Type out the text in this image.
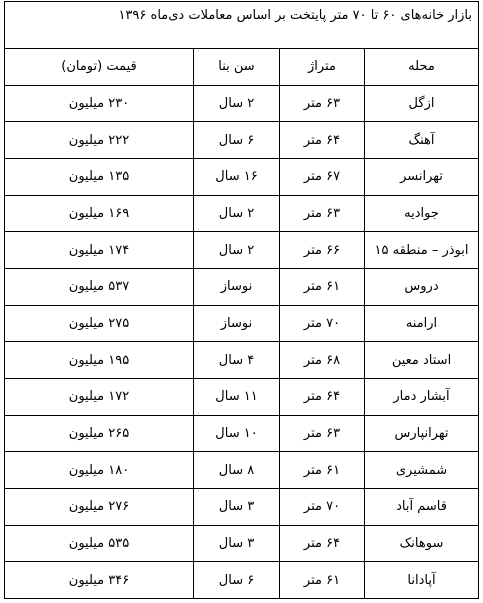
بازار خانه‌های ۶۰ تا ۷۰ متر پایتخت بر اساس معاملات دی‌ماه ۱۳۹۶			
محله	متراژ	سن بنا	قیمت (تومان)
ازگل	۶۳ متر	۲ سال	۲۳۰ میلیون
آهنگ	۶۴ متر	۶ سال	۲۲۲ میلیون
تهرانسر	۶۷ متر	۱۶ سال	۱۳۵ میلیون
جوادیه	۶۳ متر	۲ سال	۱۶۹ میلیون
ابوذر – منطقه ۱۵	۶۶ متر	۲ سال	۱۷۴ میلیون
دروس	۶۱ متر	نوساز	۵۳۷ میلیون
ارامنه	۷۰ متر	نوساز	۲۷۵ میلیون
استاد معین	۶۸ متر	۴ سال	۱۹۵ میلیون
آبشار دمار	۶۴ متر	۱۱ سال	۱۷۲ میلیون
تهرانپارس	۶۳ متر	۱۰ سال	۲۶۵ میلیون
شمشیری	۶۱ متر	۸ سال	۱۸۰ میلیون
قاسم آباد	۷۰ متر	۳ سال	۲۷۶ میلیون
سوهانک	۶۴ متر	۳ سال	۵۳۵ میلیون
آپادانا	۶۱ متر	۶ سال	۳۴۶ میلیون
